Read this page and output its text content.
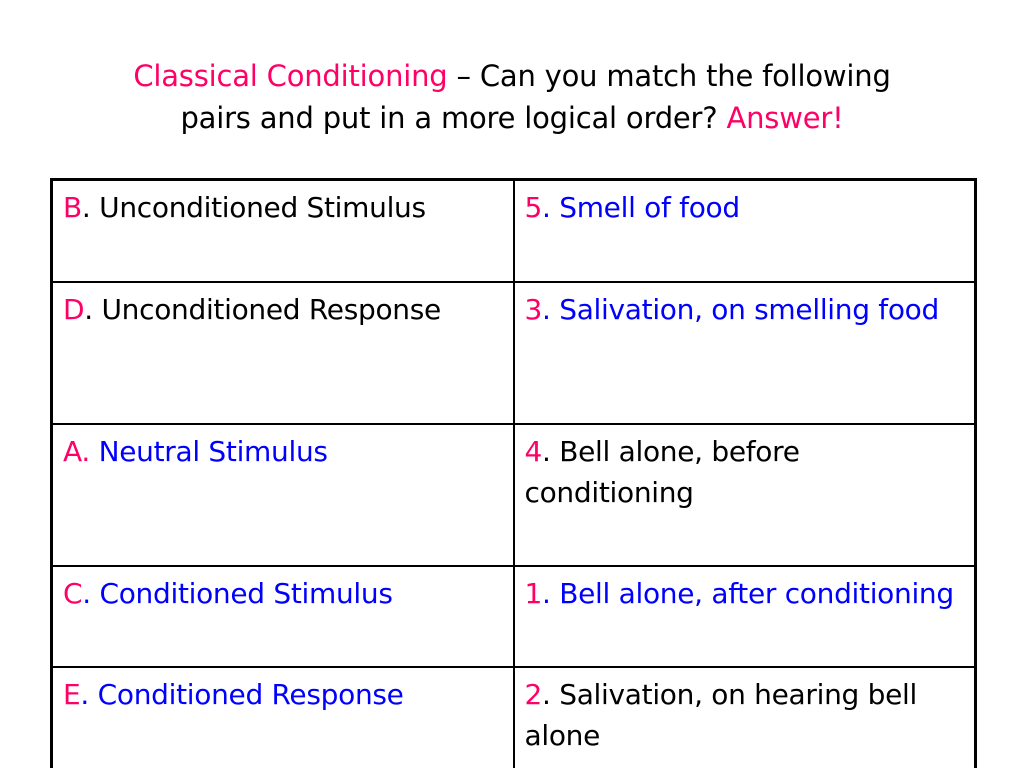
Classical Conditioning – Can you match the following
pairs and put in a more logical order? Answer!
B. Unconditioned Stimulus	5. Smell of food
D. Unconditioned Response	3. Salivation, on smelling food
A. Neutral Stimulus	4. Bell alone, before conditioning
C. Conditioned Stimulus	1. Bell alone, after conditioning
E. Conditioned Response	2. Salivation, on hearing bell alone
